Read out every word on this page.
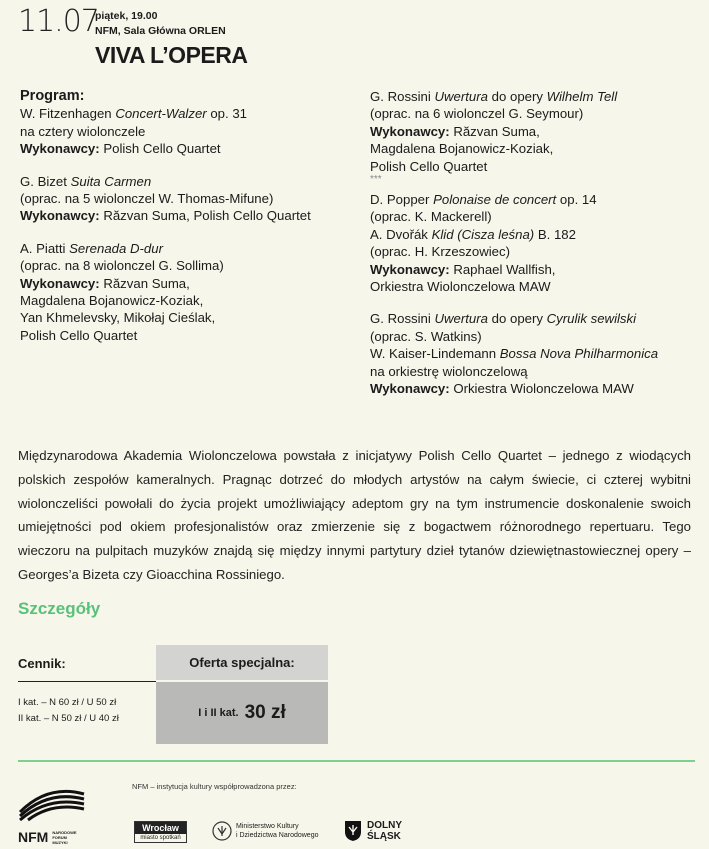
11.07
piątek, 19.00
NFM, Sala Główna ORLEN
VIVA L’OPERA

Program:

W. Fitzenhagen Concert-Walzer op. 31

na cztery wiolonczele

Wykonawcy: Polish Cello Quartet

G. Bizet Suita Carmen

(oprac. na 5 wiolonczel W. Thomas-Mifune)

Wykonawcy: Răzvan Suma, Polish Cello Quartet

A. Piatti Serenada D-dur

(oprac. na 8 wiolonczel G. Sollima)

Wykonawcy: Răzvan Suma,

Magdalena Bojanowicz-Koziak,

Yan Khmelevsky, Mikołaj Cieślak,

Polish Cello Quartet

G. Rossini Uwertura do opery Wilhelm Tell

(oprac. na 6 wiolonczel G. Seymour)

Wykonawcy: Răzvan Suma,

Magdalena Bojanowicz-Koziak,

Polish Cello Quartet

***

D. Popper Polonaise de concert op. 14

(oprac. K. Mackerell)

A. Dvořák Klid (Cisza leśna) B. 182

(oprac. H. Krzeszowiec)

Wykonawcy: Raphael Wallfish,

Orkiestra Wiolonczelowa MAW

G. Rossini Uwertura do opery Cyrulik sewilski

(oprac. S. Watkins)

W. Kaiser-Lindemann Bossa Nova Philharmonica

na orkiestrę wiolonczelową

Wykonawcy: Orkiestra Wiolonczelowa MAW

Międzynarodowa Akademia Wiolonczelowa powstała z inicjatywy Polish Cello Quartet – jednego z wiodących polskich zespołów kameralnych. Pragnąc dotrzeć do młodych artystów na całym świecie, ci czterej wybitni wiolonczeliści powołali do życia projekt umożliwiający adeptom gry na tym instrumencie doskonalenie swoich umiejętności pod okiem profesjonalistów oraz zmierzenie się z bogactwem różnorodnego repertuaru. Tego wieczoru na pulpitach muzyków znajdą się między innymi partytury dzieł tytanów dziewiętnastowiecznej opery – Georges’a Bizeta czy Gioacchina Rossiniego.
Szczegóły
Cennik:
I kat. – N 60 zł / U 50 zł
II kat. – N 50 zł / U 40 zł
Oferta specjalna:
I i II kat. 30 zł
NFM NARODOWE FORUM MUZYKI
NFM – instytucja kultury współprowadzona przez:
Wrocław
miasto spotkań
Ministerstwo Kultury
i Dziedzictwa Narodowego
DOLNY
ŚLĄSK
